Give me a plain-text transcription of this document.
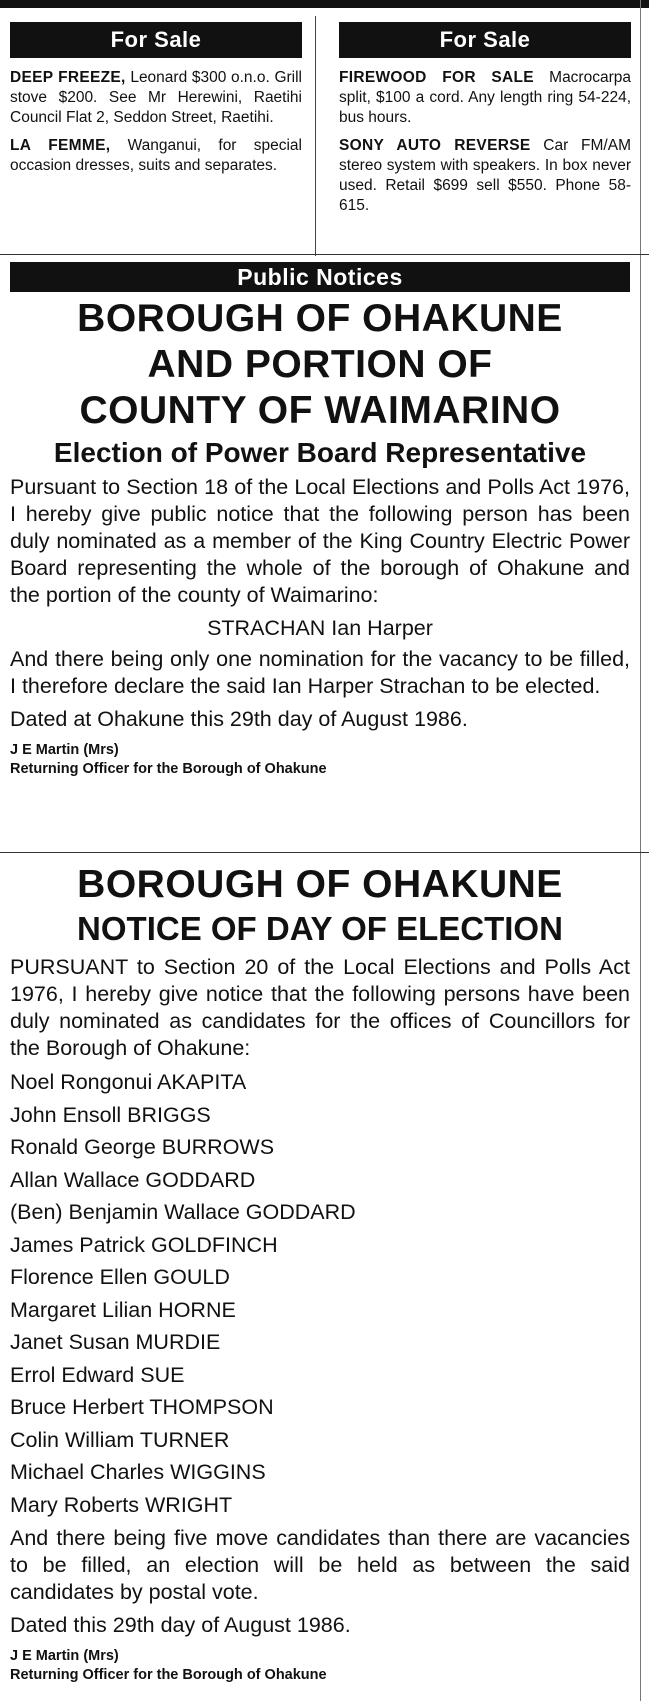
For Sale

DEEP FREEZE, Leonard $300 o.n.o. Grill stove $200. See Mr Herewini, Raetihi Council Flat 2, Seddon Street, Raetihi.

LA FEMME, Wanganui, for special occasion dresses, suits and separates.

For Sale

FIREWOOD FOR SALE Macrocarpa split, $100 a cord. Any length ring 54-224, bus hours.

SONY AUTO REVERSE Car FM/AM stereo system with speakers. In box never used. Retail $699 sell $550. Phone 58-615.

Public Notices

BOROUGH OF OHAKUNE

AND PORTION OF

COUNTY OF WAIMARINO

Election of Power Board Representative

Pursuant to Section 18 of the Local Elections and Polls Act 1976, I hereby give public notice that the following person has been duly nominated as a member of the King Country Electric Power Board representing the whole of the borough of Ohakune and the portion of the county of Waimarino:

STRACHAN Ian Harper

And there being only one nomination for the vacancy to be filled, I therefore declare the said Ian Harper Strachan to be elected.

Dated at Ohakune this 29th day of August 1986.

J E Martin (Mrs)
Returning Officer for the Borough of Ohakune

BOROUGH OF OHAKUNE

NOTICE OF DAY OF ELECTION

PURSUANT to Section 20 of the Local Elections and Polls Act 1976, I hereby give notice that the following persons have been duly nominated as candidates for the offices of Councillors for the Borough of Ohakune:

Noel Rongonui AKAPITA
John Ensoll BRIGGS
Ronald George BURROWS
Allan Wallace GODDARD
(Ben) Benjamin Wallace GODDARD
James Patrick GOLDFINCH
Florence Ellen GOULD
Margaret Lilian HORNE
Janet Susan MURDIE
Errol Edward SUE
Bruce Herbert THOMPSON
Colin William TURNER
Michael Charles WIGGINS
Mary Roberts WRIGHT

And there being five move candidates than there are vacancies to be filled, an election will be held as between the said candidates by postal vote.

Dated this 29th day of August 1986.

J E Martin (Mrs)
Returning Officer for the Borough of Ohakune
